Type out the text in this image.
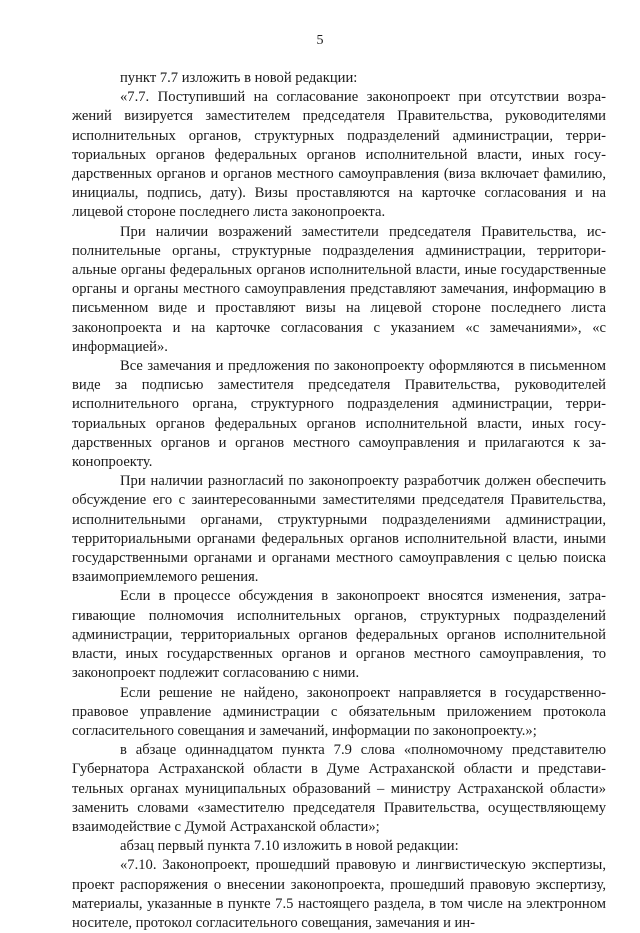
5

пункт 7.7 изложить в новой редакции:

«7.7. Поступивший на согласование законопроект при отсутствии возражений визируется заместителем председателя Правительства, руководителями исполнительных органов, структурных подразделений администрации, территориальных органов федеральных органов исполнительной власти, иных государственных органов и органов местного самоуправления (виза включает фамилию, инициалы, подпись, дату). Визы проставляются на карточке согласования и на лицевой стороне последнего листа законопроекта.

При наличии возражений заместители председателя Правительства, исполнительные органы, структурные подразделения администрации, территориальные органы федеральных органов исполнительной власти, иные государственные органы и органы местного самоуправления представляют замечания, информацию в письменном виде и проставляют визы на лицевой стороне последнего листа законопроекта и на карточке согласования с указанием «с замечаниями», «с информацией».

Все замечания и предложения по законопроекту оформляются в письменном виде за подписью заместителя председателя Правительства, руководителей исполнительного органа, структурного подразделения администрации, территориальных органов федеральных органов исполнительной власти, иных государственных органов и органов местного самоуправления и прилагаются к законопроекту.

При наличии разногласий по законопроекту разработчик должен обеспечить обсуждение его с заинтересованными заместителями председателя Правительства, исполнительными органами, структурными подразделениями администрации, территориальными органами федеральных органов исполнительной власти, иными государственными органами и органами местного самоуправления с целью поиска взаимоприемлемого решения.

Если в процессе обсуждения в законопроект вносятся изменения, затрагивающие полномочия исполнительных органов, структурных подразделений администрации, территориальных органов федеральных органов исполнительной власти, иных государственных органов и органов местного самоуправления, то законопроект подлежит согласованию с ними.

Если решение не найдено, законопроект направляется в государственноправовое управление администрации с обязательным приложением протокола согласительного совещания и замечаний, информации по законопроекту.»;

в абзаце одиннадцатом пункта 7.9 слова «полномочному представителю Губернатора Астраханской области в Думе Астраханской области и представительных органах муниципальных образований – министру Астраханской области» заменить словами «заместителю председателя Правительства, осуществляющему взаимодействие с Думой Астраханской области»;

абзац первый пункта 7.10 изложить в новой редакции:

«7.10. Законопроект, прошедший правовую и лингвистическую экспертизы, проект распоряжения о внесении законопроекта, прошедший правовую экспертизу, материалы, указанные в пункте 7.5 настоящего раздела, в том числе на электронном носителе, протокол согласительного совещания, замечания и ин-
